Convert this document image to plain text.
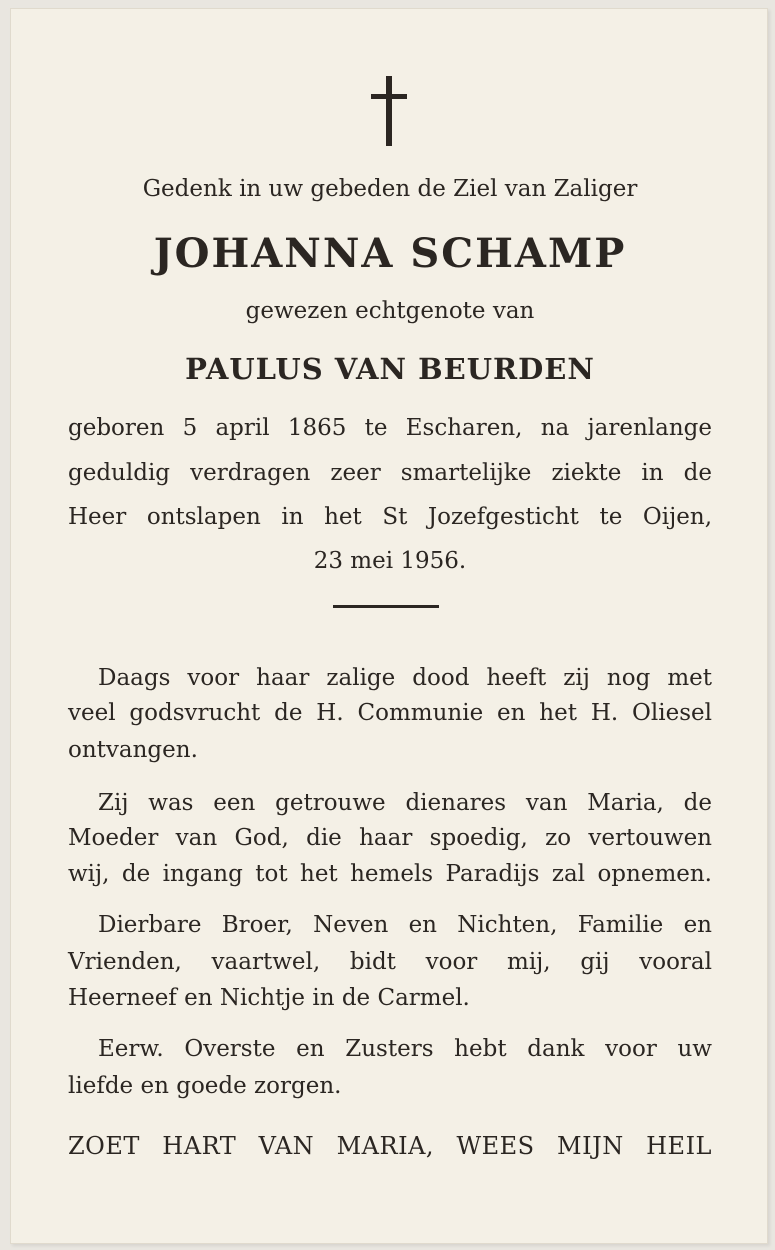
Gedenk in uw gebeden de Ziel van Zaliger
JOHANNA SCHAMP
gewezen echtgenote van
PAULUS VAN BEURDEN
geboren 5 april 1865 te Escharen, na jarenlange
geduldig verdragen zeer smartelijke ziekte in de
Heer ontslapen in het St Jozefgesticht te Oijen,
23 mei 1956.
Daags voor haar zalige dood heeft zij nog met
veel godsvrucht de H. Communie en het H. Oliesel
ontvangen.
Zij was een getrouwe dienares van Maria, de
Moeder van God, die haar spoedig, zo vertouwen
wij, de ingang tot het hemels Paradijs zal opnemen.
Dierbare Broer, Neven en Nichten, Familie en
Vrienden, vaartwel, bidt voor mij, gij vooral
Heerneef en Nichtje in de Carmel.
Eerw. Overste en Zusters hebt dank voor uw
liefde en goede zorgen.
ZOET HART VAN MARIA, WEES MIJN HEIL
